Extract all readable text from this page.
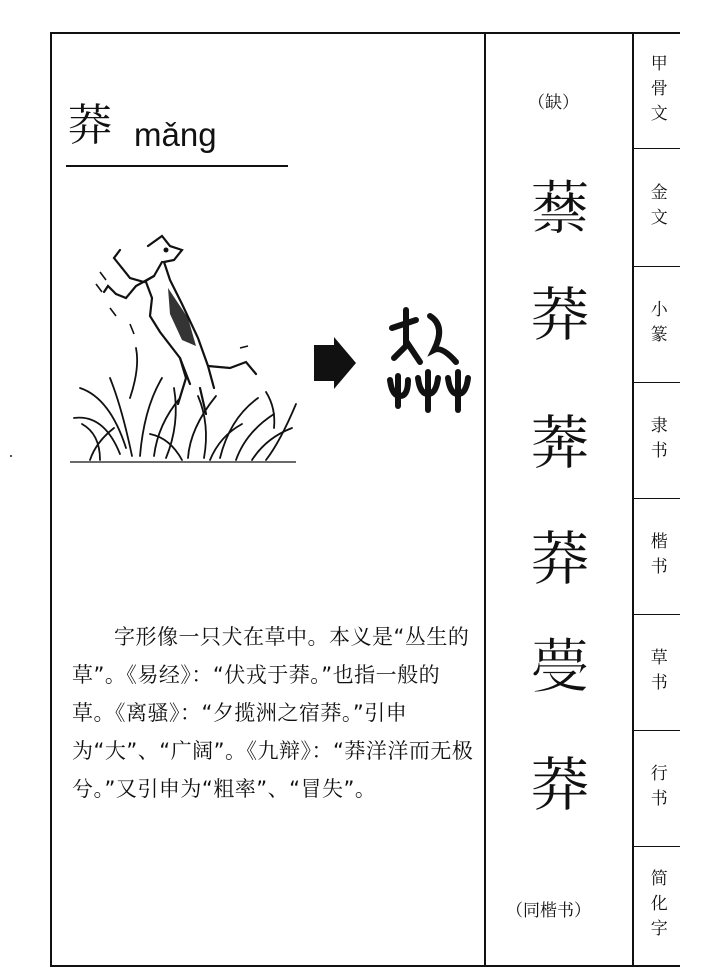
莽 mǎng
（缺）
𦽔
莽
莾
莽
𦴋
莽
（同楷书）
字形像一只犬在草中。本义是“丛生的草”。《易经》：“伏戎于莽。”也指一般的草。《离骚》：“夕揽洲之宿莽。”引申为“大”、“广阔”。《九辩》：“莽洋洋而无极兮。”又引申为“粗率”、“冒失”。
甲骨文
金文
小篆
隶书
楷书
草书
行书
简化字
